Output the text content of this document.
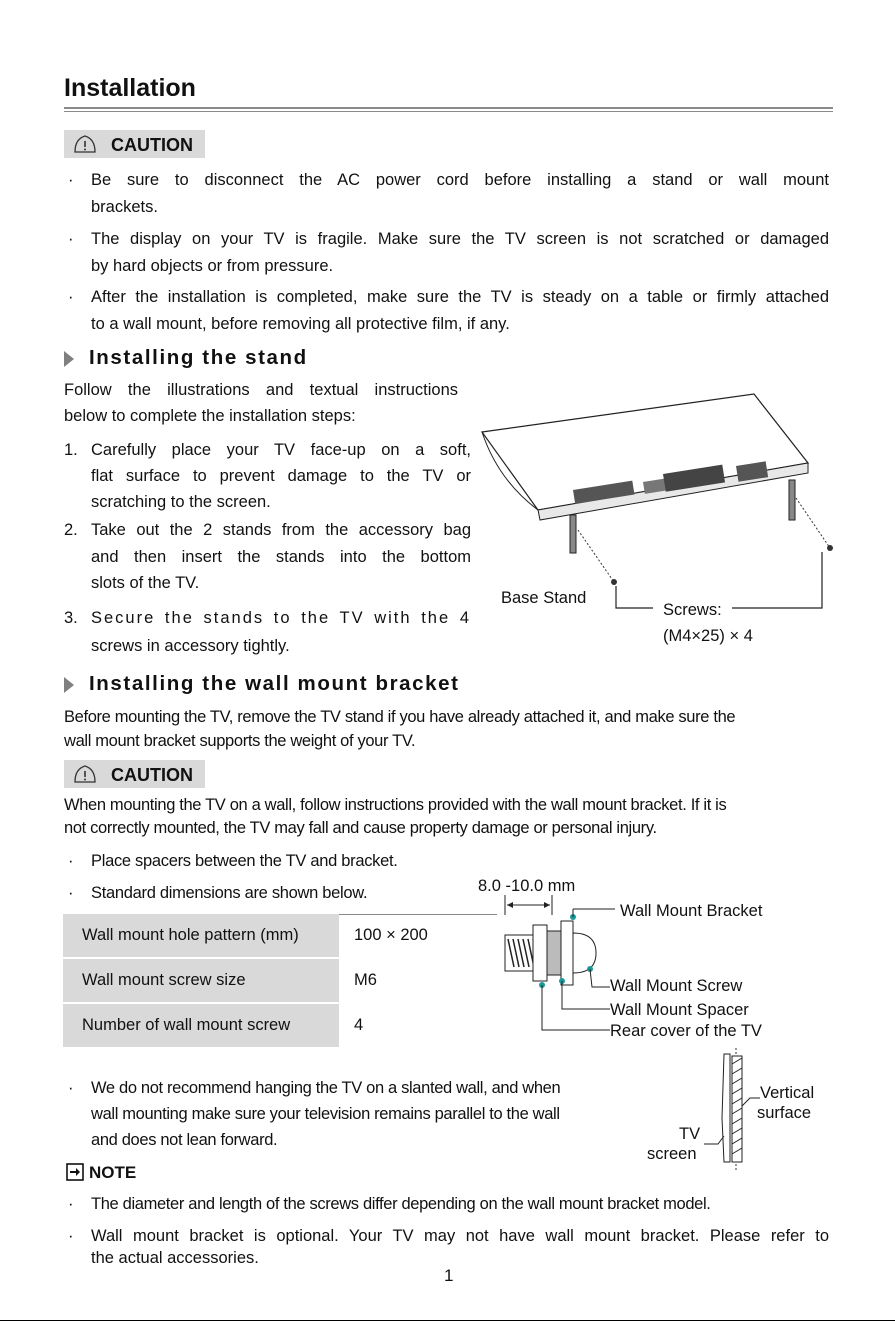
Installation
CAUTION
· Be sure to disconnect the AC power cord before installing a stand or wall mount
brackets.
· The display on your TV is fragile. Make sure the TV screen is not scratched or damaged
by hard objects or from pressure.
· After the installation is completed, make sure the TV is steady on a table or firmly attached
to a wall mount, before removing all protective film, if any.
Installing the stand
Follow the illustrations and textual instructions
below to complete the installation steps:
1. Carefully place your TV face-up on a soft,
flat surface to prevent damage to the TV or
scratching to the screen.
2. Take out the 2 stands from the accessory bag
and then insert the stands into the bottom
slots of the TV.
3. Secure the stands to the TV with the 4
screws in accessory tightly.
Base Stand
Screws:
(M4×25) × 4
Installing the wall mount bracket
Before mounting the TV, remove the TV stand if you have already attached it, and make sure the
wall mount bracket supports the weight of your TV.
CAUTION
When mounting the TV on a wall, follow instructions provided with the wall mount bracket. If it is
not correctly mounted, the TV may fall and cause property damage or personal injury.
· Place spacers between the TV and bracket.
· Standard dimensions are shown below.
Wall mount hole pattern (mm)	100 × 200
Wall mount screw size	M6
Number of wall mount screw	4
8.0 -10.0 mm
Wall Mount Bracket
Wall Mount Screw
Wall Mount Spacer
Rear cover of the TV
· We do not recommend hanging the TV on a slanted wall, and when
wall mounting make sure your television remains parallel to the wall
and does not lean forward.
Vertical
surface
TV
screen
NOTE
· The diameter and length of the screws differ depending on the wall mount bracket model.
· Wall mount bracket is optional. Your TV may not have wall mount bracket. Please refer to
the actual accessories.
1
